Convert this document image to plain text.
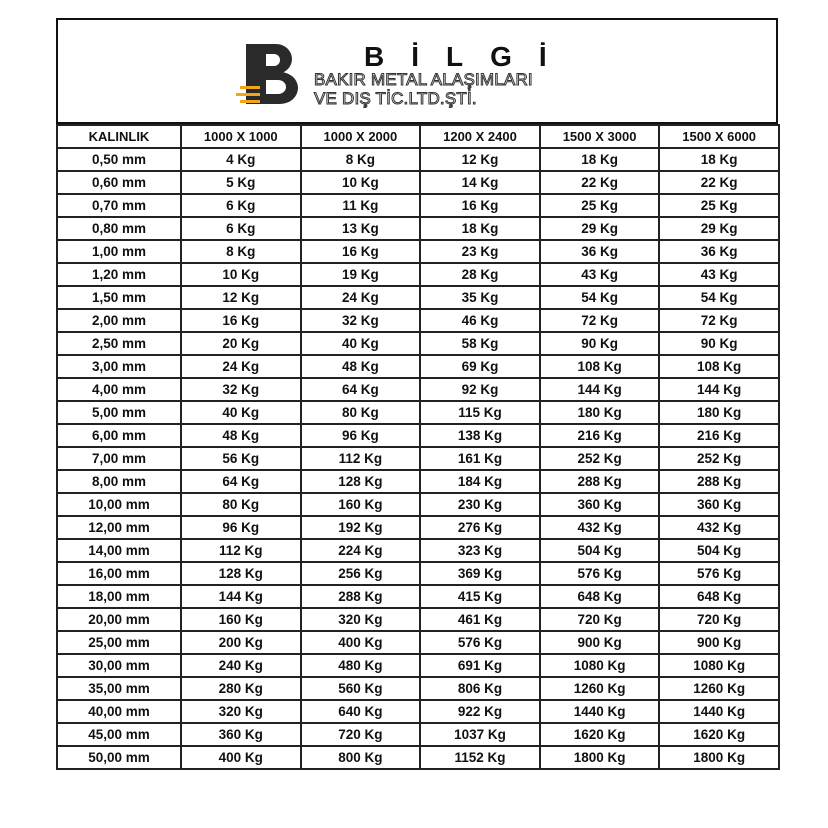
BİLGİ
BAKIR METAL ALAŞIMLARI
VE DIŞ TİC.LTD.ŞTİ.
KALINLIK	1000 X 1000	1000 X 2000	1200 X 2400	1500 X 3000	1500 X 6000
0,50 mm	4 Kg	8 Kg	12 Kg	18 Kg	18 Kg
0,60 mm	5 Kg	10 Kg	14 Kg	22 Kg	22 Kg
0,70 mm	6 Kg	11 Kg	16 Kg	25 Kg	25 Kg
0,80 mm	6 Kg	13 Kg	18 Kg	29 Kg	29 Kg
1,00 mm	8 Kg	16 Kg	23 Kg	36 Kg	36 Kg
1,20 mm	10 Kg	19 Kg	28 Kg	43 Kg	43 Kg
1,50 mm	12 Kg	24 Kg	35 Kg	54 Kg	54 Kg
2,00 mm	16 Kg	32 Kg	46 Kg	72 Kg	72 Kg
2,50 mm	20 Kg	40 Kg	58 Kg	90 Kg	90 Kg
3,00 mm	24 Kg	48 Kg	69 Kg	108 Kg	108 Kg
4,00 mm	32 Kg	64 Kg	92 Kg	144 Kg	144 Kg
5,00 mm	40 Kg	80 Kg	115 Kg	180 Kg	180 Kg
6,00 mm	48 Kg	96 Kg	138 Kg	216 Kg	216 Kg
7,00 mm	56 Kg	112 Kg	161 Kg	252 Kg	252 Kg
8,00 mm	64 Kg	128 Kg	184 Kg	288 Kg	288 Kg
10,00 mm	80 Kg	160 Kg	230 Kg	360 Kg	360 Kg
12,00 mm	96 Kg	192 Kg	276 Kg	432 Kg	432 Kg
14,00 mm	112 Kg	224 Kg	323 Kg	504 Kg	504 Kg
16,00 mm	128 Kg	256 Kg	369 Kg	576 Kg	576 Kg
18,00 mm	144 Kg	288 Kg	415 Kg	648 Kg	648 Kg
20,00 mm	160 Kg	320 Kg	461 Kg	720 Kg	720 Kg
25,00 mm	200 Kg	400 Kg	576 Kg	900 Kg	900 Kg
30,00 mm	240 Kg	480 Kg	691 Kg	1080 Kg	1080 Kg
35,00 mm	280 Kg	560 Kg	806 Kg	1260 Kg	1260 Kg
40,00 mm	320 Kg	640 Kg	922 Kg	1440 Kg	1440 Kg
45,00 mm	360 Kg	720 Kg	1037 Kg	1620 Kg	1620 Kg
50,00 mm	400 Kg	800 Kg	1152 Kg	1800 Kg	1800 Kg
